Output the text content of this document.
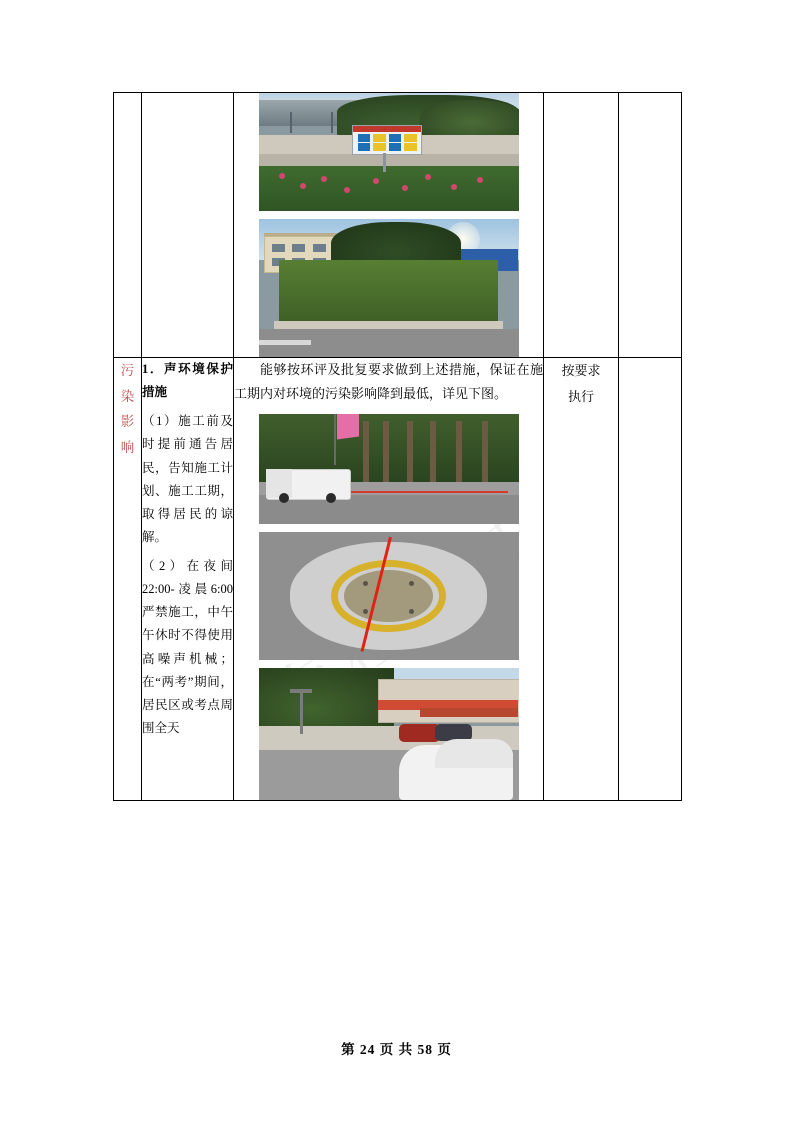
污
染
影
响	1．声环境保护措施
（1）施工前及时提前通告居民，告知施工计划、施工工期，取得居民的谅解。
（2）在夜间22:00-凌晨6:00严禁施工，中午午休时不得使用高噪声机械；在“两考”期间，居民区或考点周围全天	能够按环评及批复要求做到上述措施，保证在施工期内对环境的污染影响降到最低，详见下图。	按要求
执行	

第 24 页 共 58 页
